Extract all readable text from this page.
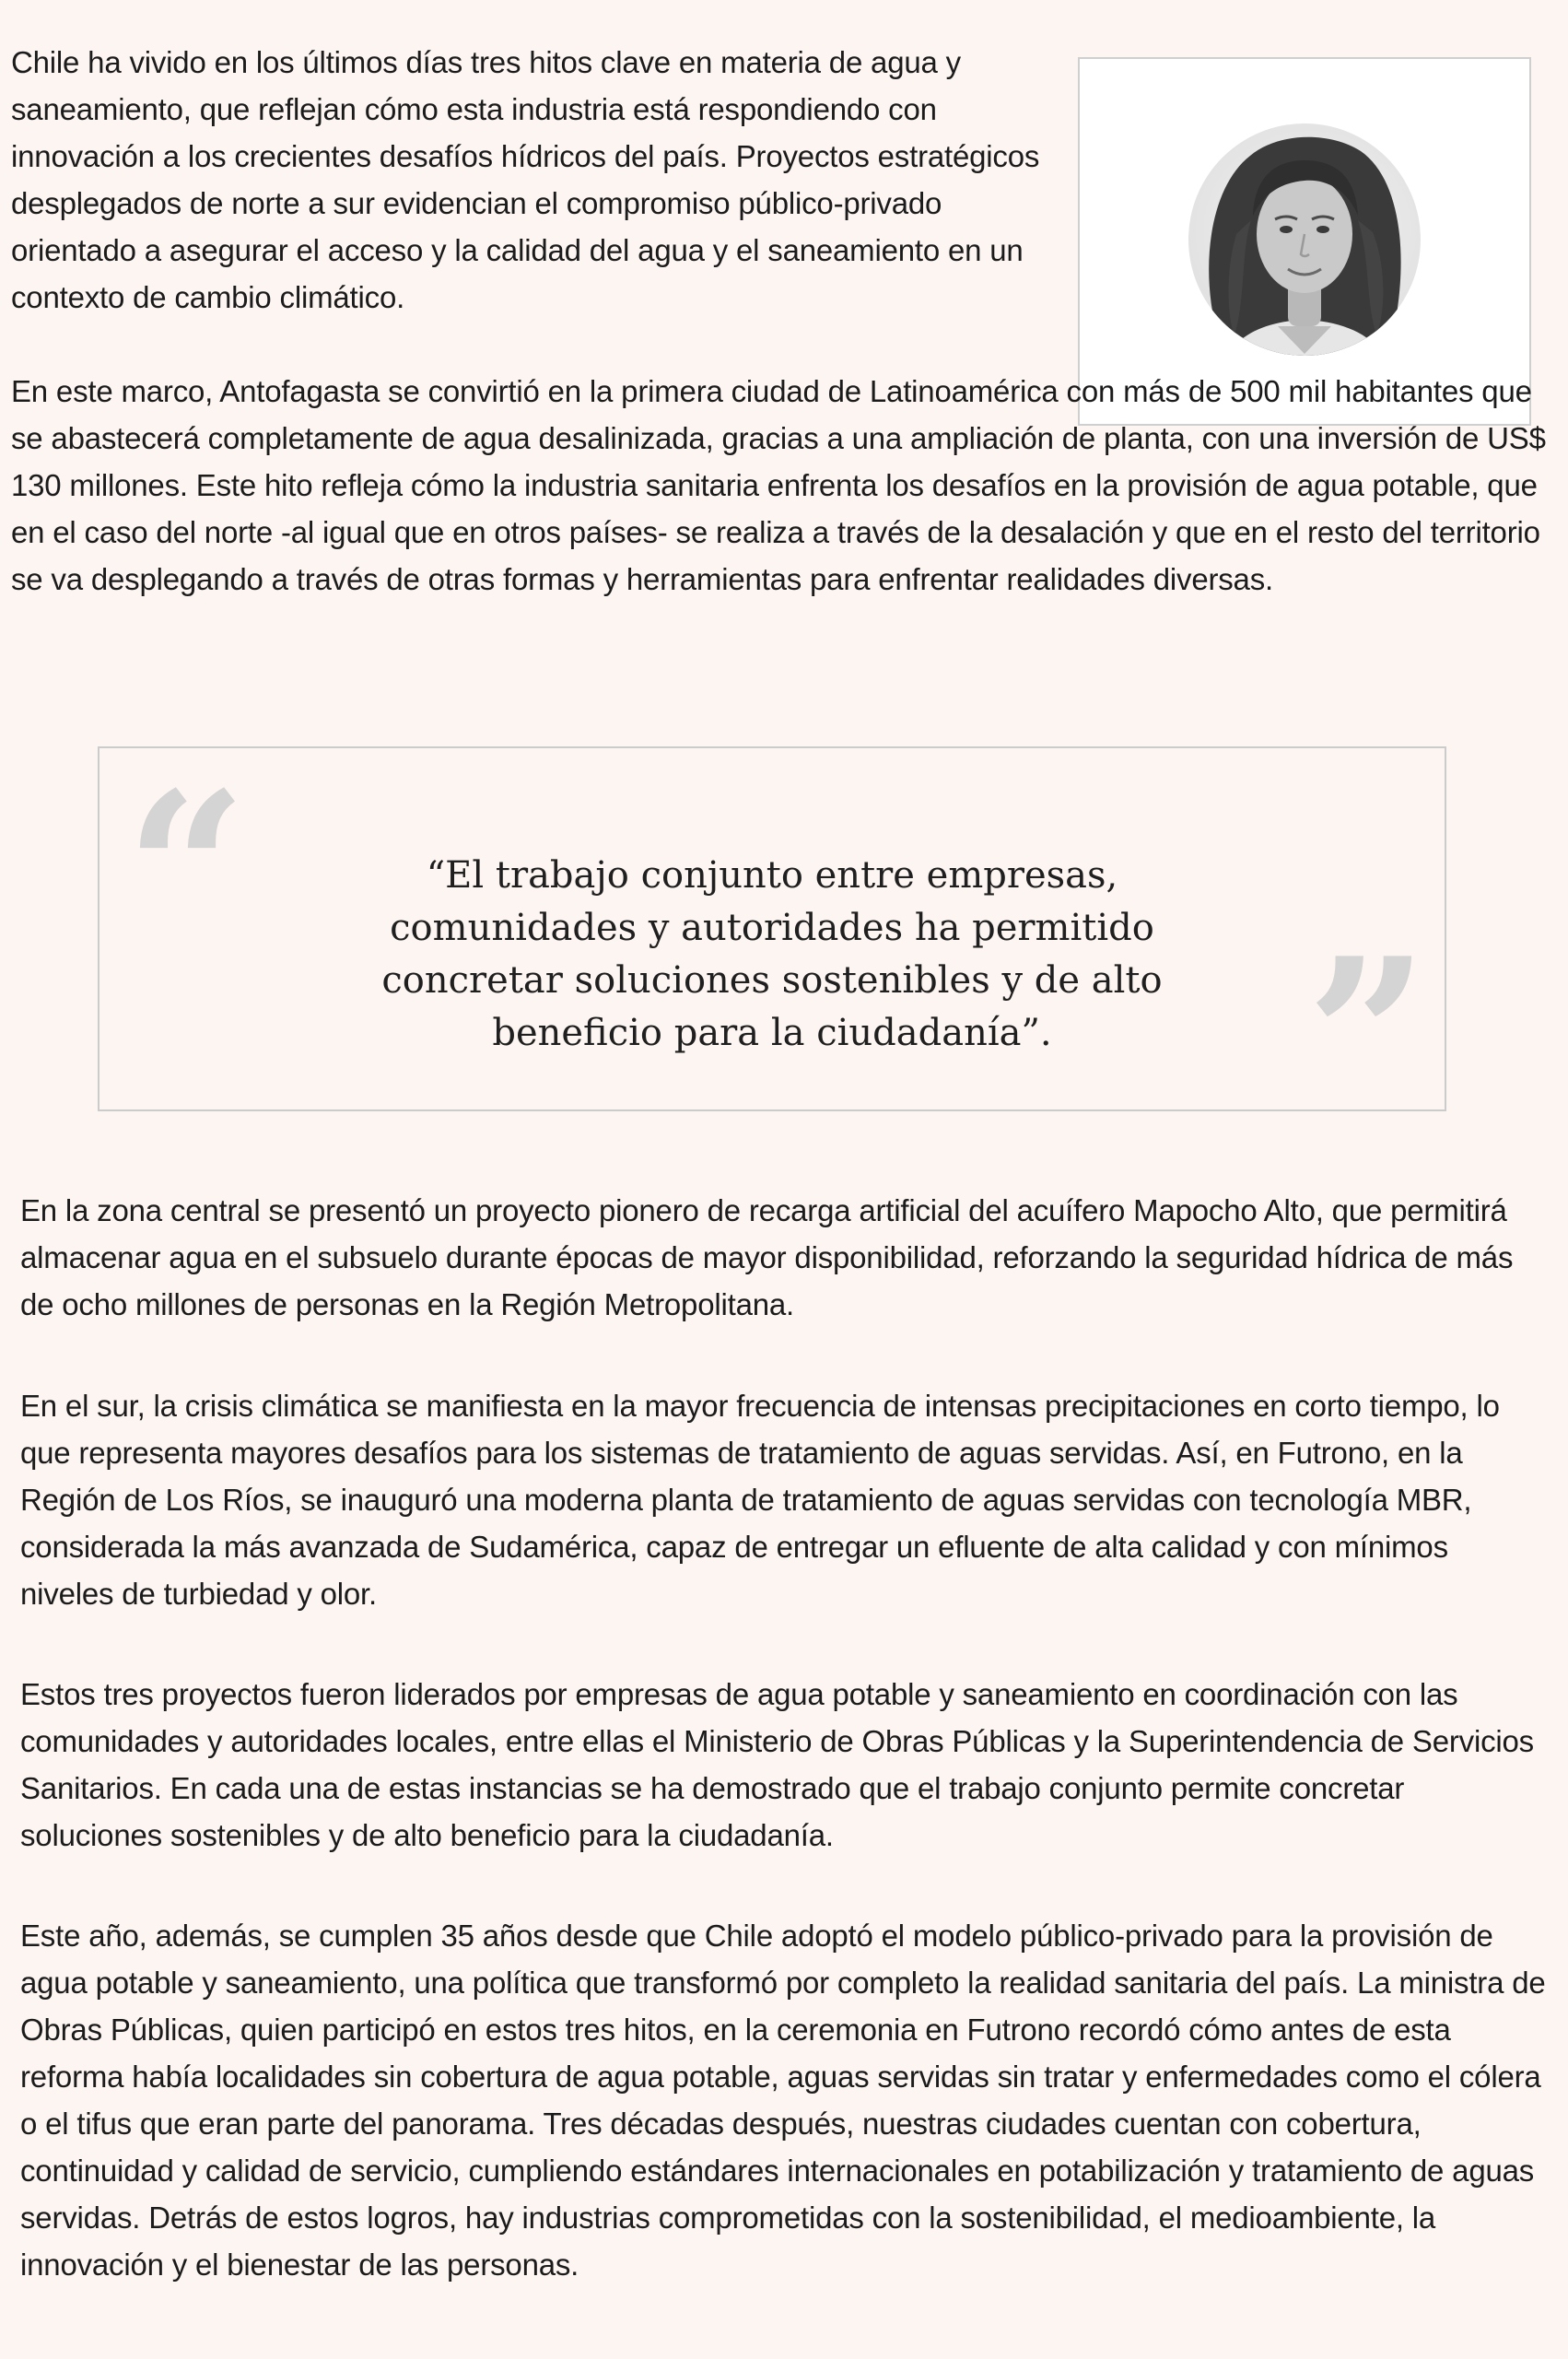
Chile ha vivido en los últimos días tres hitos clave en materia de agua y saneamiento, que reflejan cómo esta industria está respondiendo con innovación a los crecientes desafíos hídricos del país. Proyectos estratégicos desplegados de norte a sur evidencian el compromiso público-privado orientado a asegurar el acceso y la calidad del agua y el saneamiento en un contexto de cambio climático.

En este marco, Antofagasta se convirtió en la primera ciudad de Latinoamérica con más de 500 mil habitantes que se abastecerá completamente de agua desalinizada, gracias a una ampliación de planta, con una inversión de US$ 130 millones. Este hito refleja cómo la industria sanitaria enfrenta los desafíos en la provisión de agua potable, que en el caso del norte -al igual que en otros países- se realiza a través de la desalación y que en el resto del territorio se va desplegando a través de otras formas y herramientas para enfrentar realidades diversas.

“	“El trabajo conjunto entre empresas, comunidades y autoridades ha permitido concretar soluciones sostenibles y de alto beneficio para la ciudadanía”.	”

En la zona central se presentó un proyecto pionero de recarga artificial del acuífero Mapocho Alto, que permitirá almacenar agua en el subsuelo durante épocas de mayor disponibilidad, reforzando la seguridad hídrica de más de ocho millones de personas en la Región Metropolitana.

En el sur, la crisis climática se manifiesta en la mayor frecuencia de intensas precipitaciones en corto tiempo, lo que representa mayores desafíos para los sistemas de tratamiento de aguas servidas. Así, en Futrono, en la Región de Los Ríos, se inauguró una moderna planta de tratamiento de aguas servidas con tecnología MBR, considerada la más avanzada de Sudamérica, capaz de entregar un efluente de alta calidad y con mínimos niveles de turbiedad y olor.

Estos tres proyectos fueron liderados por empresas de agua potable y saneamiento en coordinación con las comunidades y autoridades locales, entre ellas el Ministerio de Obras Públicas y la Superintendencia de Servicios Sanitarios. En cada una de estas instancias se ha demostrado que el trabajo conjunto permite concretar soluciones sostenibles y de alto beneficio para la ciudadanía.

Este año, además, se cumplen 35 años desde que Chile adoptó el modelo público-privado para la provisión de agua potable y saneamiento, una política que transformó por completo la realidad sanitaria del país. La ministra de Obras Públicas, quien participó en estos tres hitos, en la ceremonia en Futrono recordó cómo antes de esta reforma había localidades sin cobertura de agua potable, aguas servidas sin tratar y enfermedades como el cólera o el tifus que eran parte del panorama. Tres décadas después, nuestras ciudades cuentan con cobertura, continuidad y calidad de servicio, cumpliendo estándares internacionales en potabilización y tratamiento de aguas servidas. Detrás de estos logros, hay industrias comprometidas con la sostenibilidad, el medioambiente, la innovación y el bienestar de las personas.
